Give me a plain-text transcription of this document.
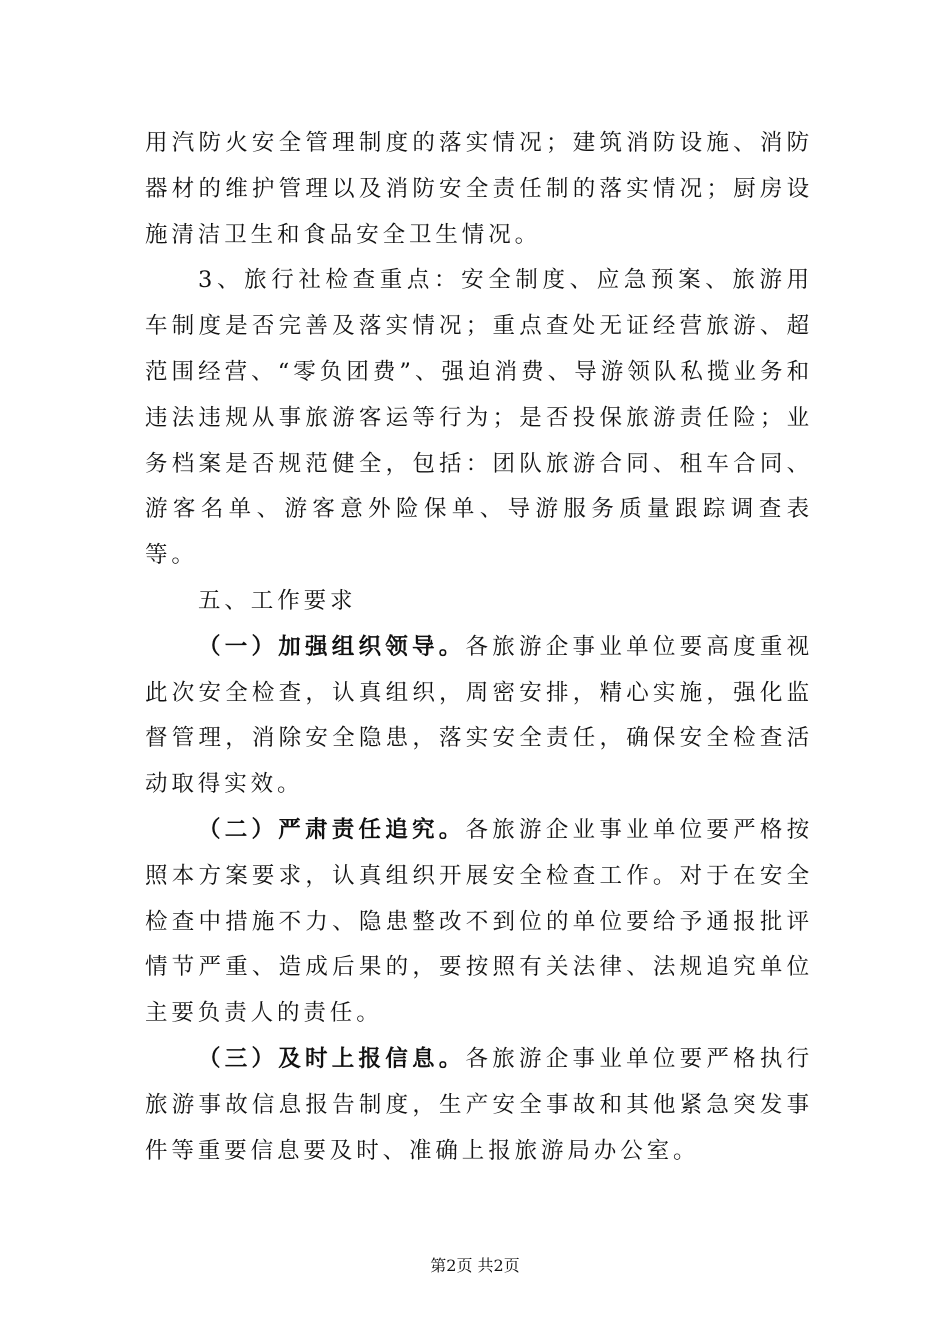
用汽防火安全管理制度的落实情况；建筑消防设施、消防器材的维护管理以及消防安全责任制的落实情况；厨房设施清洁卫生和食品安全卫生情况。

3、旅行社检查重点：安全制度、应急预案、旅游用车制度是否完善及落实情况；重点查处无证经营旅游、超范围经营、“零负团费”、强迫消费、导游领队私揽业务和违法违规从事旅游客运等行为；是否投保旅游责任险；业务档案是否规范健全，包括：团队旅游合同、租车合同、游客名单、游客意外险保单、导游服务质量跟踪调查表等。

五、工作要求

（一）加强组织领导。各旅游企事业单位要高度重视此次安全检查，认真组织，周密安排，精心实施，强化监督管理，消除安全隐患，落实安全责任，确保安全检查活动取得实效。

（二）严肃责任追究。各旅游企业事业单位要严格按照本方案要求，认真组织开展安全检查工作。对于在安全检查中措施不力、隐患整改不到位的单位要给予通报批评情节严重、造成后果的，要按照有关法律、法规追究单位主要负责人的责任。

（三）及时上报信息。各旅游企事业单位要严格执行旅游事故信息报告制度，生产安全事故和其他紧急突发事件等重要信息要及时、准确上报旅游局办公室。

第2页 共2页
